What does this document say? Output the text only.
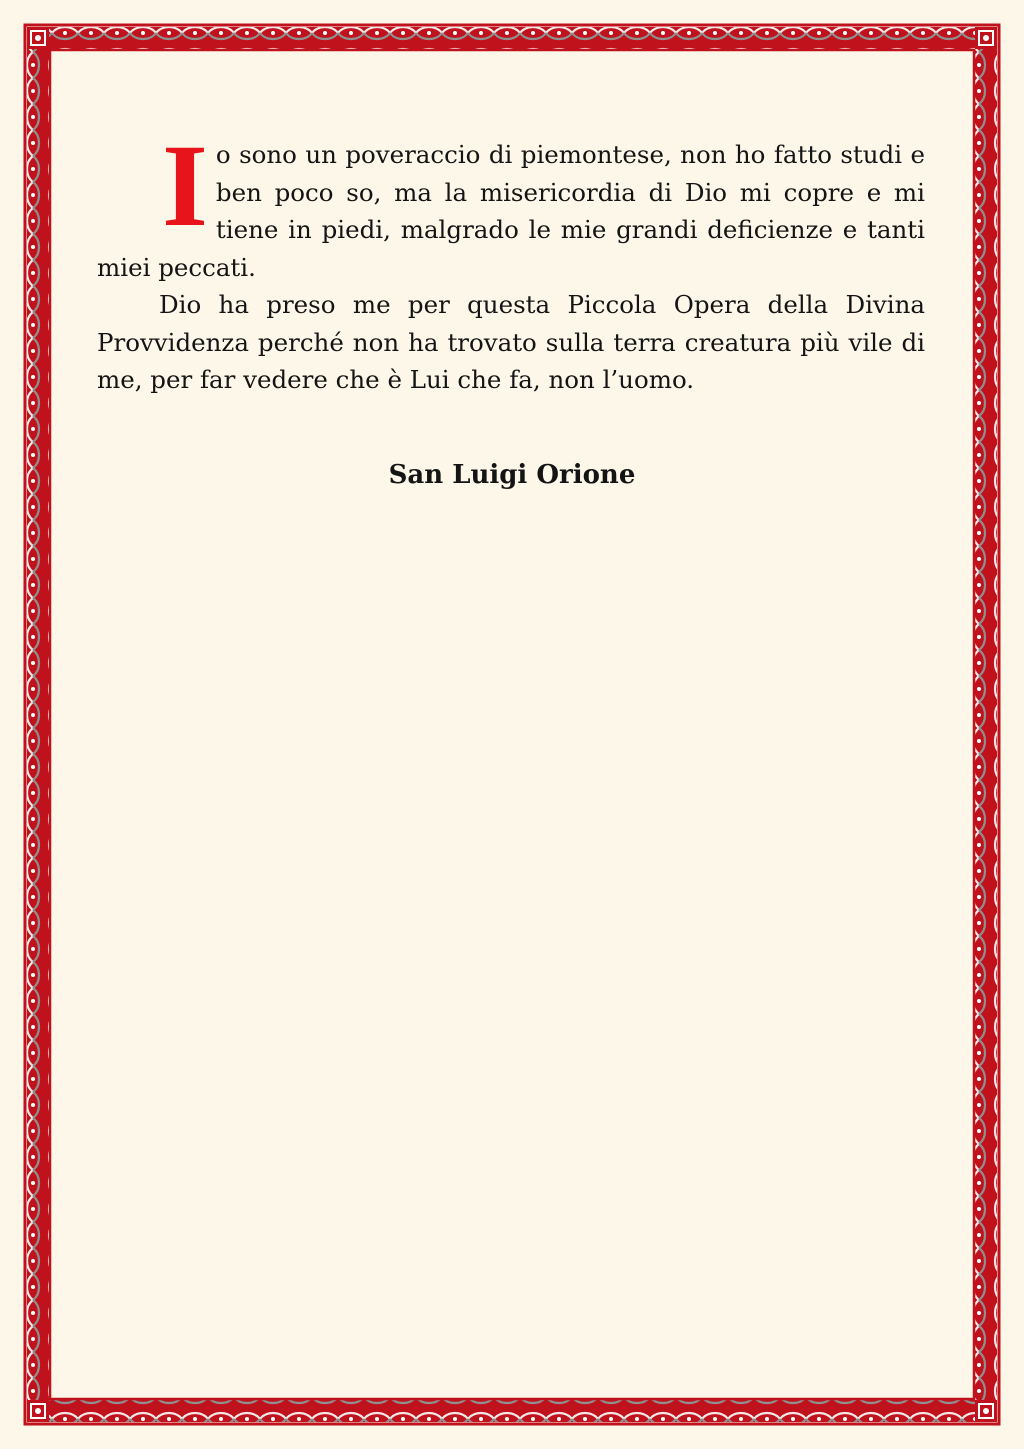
Io sono un poveraccio di piemontese, non ho fatto studi e ben poco so, ma la misericordia di Dio mi copre e mi tiene in piedi, malgrado le mie grandi deficienze e tanti miei peccati.

Dio ha preso me per questa Piccola Opera della Divina Provvidenza perché non ha trovato sulla terra creatura più vile di me, per far vedere che è Lui che fa, non l’uomo.

San Luigi Orione
